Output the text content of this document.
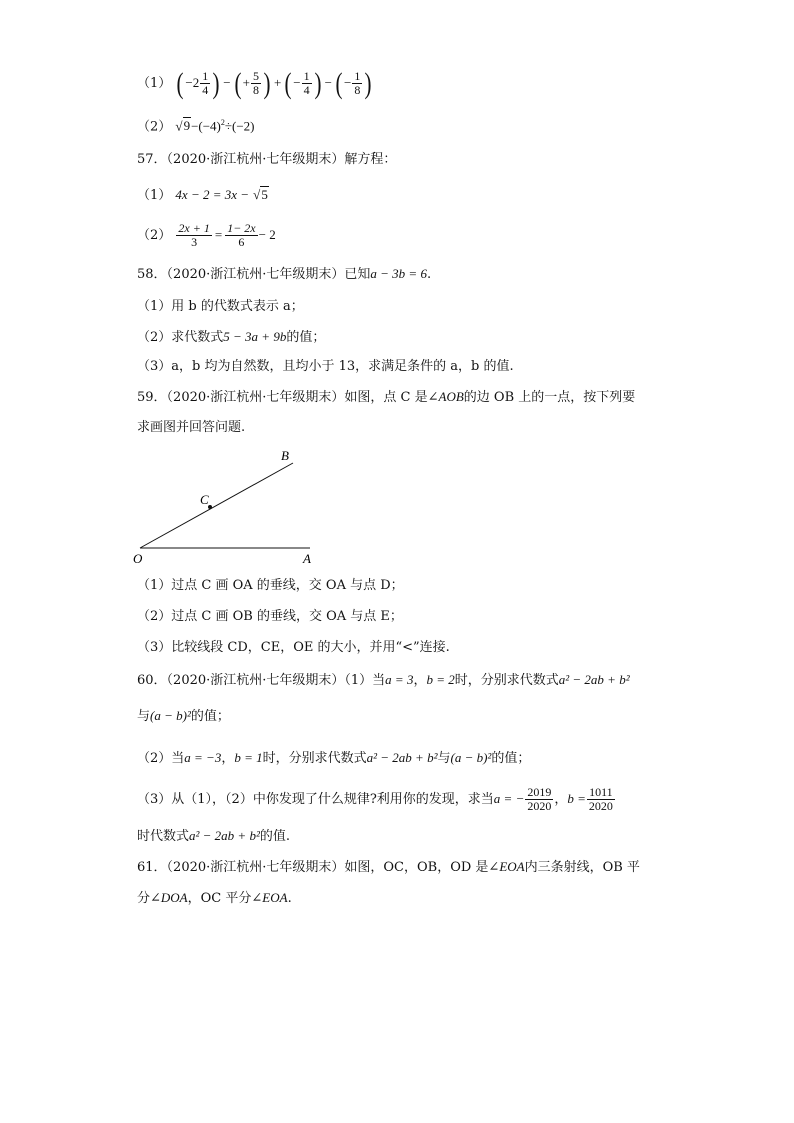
（1） ( $-2 \frac{1}{4}$ ) − ( + $\frac{5}{8}$ ) + ( − $\frac{1}{4}$ ) − ( − $\frac{1}{8}$ )
（2） $√9-(-4)^2\div(-2)$
57．（2020·浙江杭州·七年级期末）解方程：
（1） 4x − 2 = 3x − √5
$(2) \frac{2x + 1}{3} = \frac{1- 2x}{6} - 2$
58．（2020·浙江杭州·七年级期末）已知a − 3b = 6.
（1）用 b 的代数式表示 a；
（2）求代数式5 − 3a + 9b的值；
（3）a，b 均为自然数，且均小于 13，求满足条件的 a，b 的值.
59．（2020·浙江杭州·七年级期末）如图，点 C 是∠AOB的边 OB 上的一点，按下列要
求画图并回答问题.
B
C
O	A
（1）过点 C 画 OA 的垂线，交 OA 与点 D；
（2）过点 C 画 OB 的垂线，交 OA 与点 E；
（3）比较线段 CD，CE，OE 的大小，并用“<”连接.
60．（2020·浙江杭州·七年级期末）（1）当a = 3，b = 2时，分别求代数式a² − 2ab + b²
与(a − b)²的值；
（2）当a = −3，b = 1时，分别求代数式a² − 2ab + b²与(a − b)²的值；
（3）从（1），（2）中你发现了什么规律?利用你的发现，求当a = − $\frac{2019}{2020}$ ，$b = \frac{1011}{2020}$
时代数式a² − 2ab + b²的值.
61．（2020·浙江杭州·七年级期末）如图，OC，OB，OD 是∠EOA内三条射线，OB 平
分∠DOA，OC 平分∠EOA.
